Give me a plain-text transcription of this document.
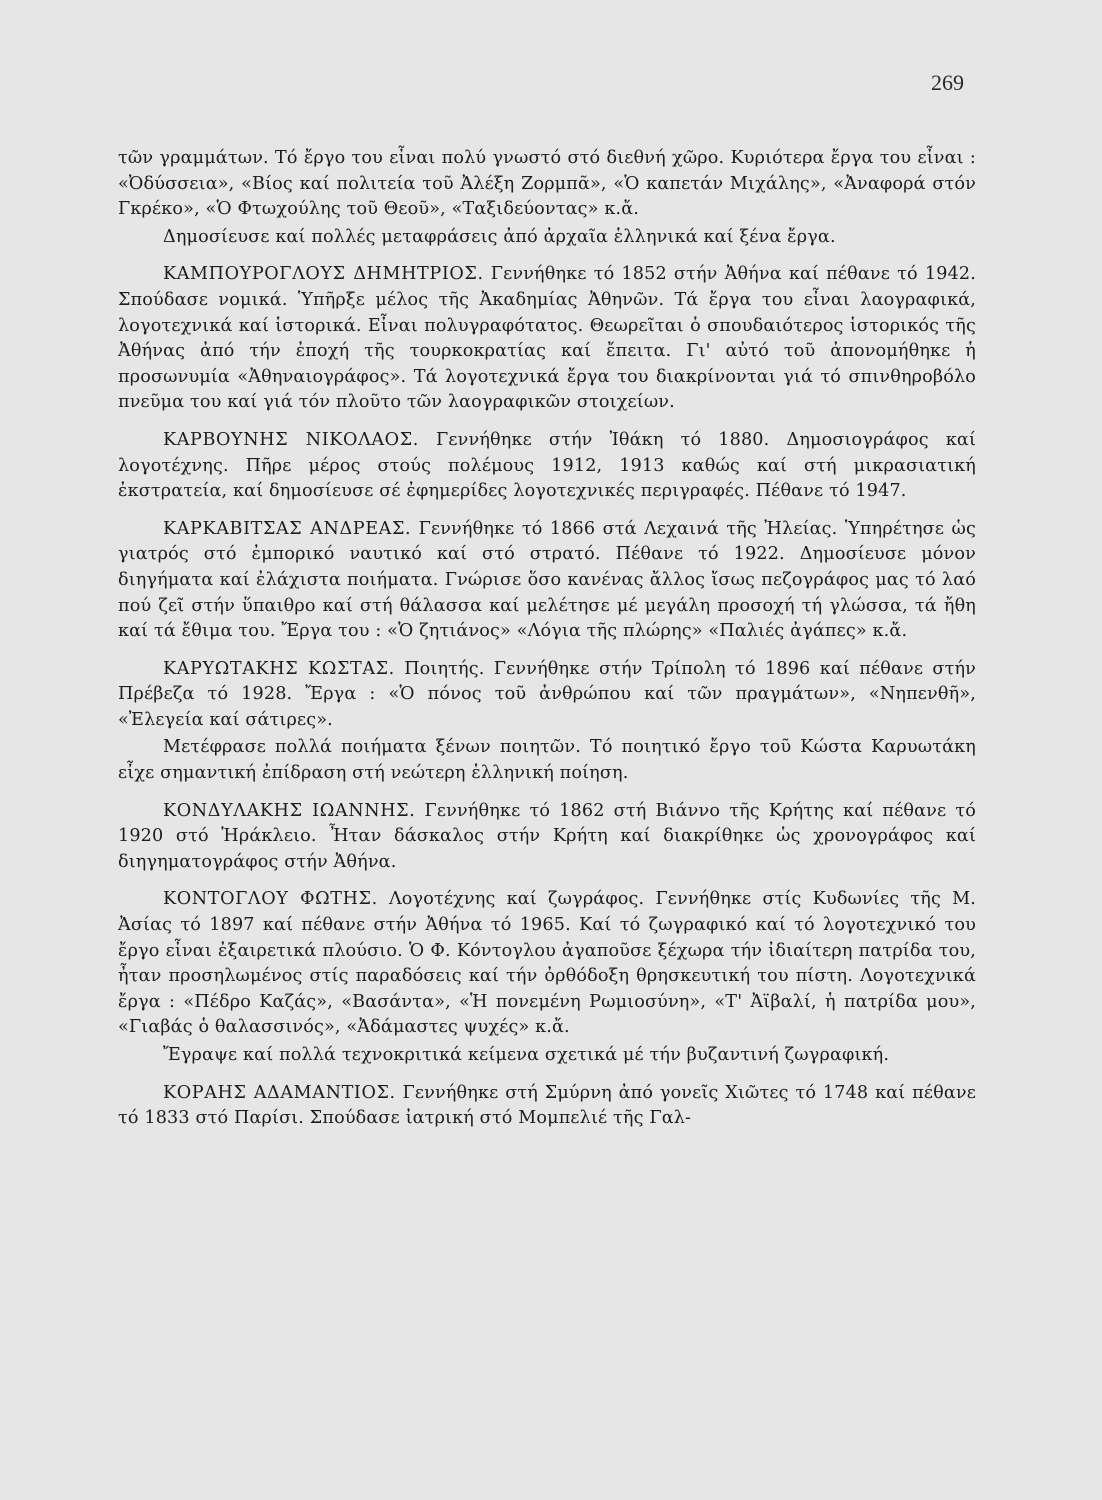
269

τῶν γραμμάτων. Τό ἔργο του εἶναι πολύ γνωστό στό διεθνή χῶρο. Κυριότερα ἔργα του εἶναι : «Ὀδύσσεια», «Βίος καί πολιτεία τοῦ Ἀλέξη Ζορμπᾶ», «Ὁ καπετάν Μιχάλης», «Ἀναφορά στόν Γκρέκο», «Ὁ Φτωχούλης τοῦ Θεοῦ», «Ταξιδεύοντας» κ.ἄ.

Δημοσίευσε καί πολλές μεταφράσεις ἀπό ἀρχαῖα ἑλληνικά καί ξένα ἔργα.

ΚΑΜΠΟΥΡΟΓΛΟΥΣ ΔΗΜΗΤΡΙΟΣ. Γεννήθηκε τό 1852 στήν Ἀθήνα καί πέθανε τό 1942. Σπούδασε νομικά. Ὑπῆρξε μέλος τῆς Ἀκαδημίας Ἀθηνῶν. Τά ἔργα του εἶναι λαογραφικά, λογοτεχνικά καί ἱστορικά. Εἶναι πολυγραφότατος. Θεωρεῖται ὁ σπουδαιότερος ἱστορικός τῆς Ἀθήνας ἀπό τήν ἐποχή τῆς τουρκοκρατίας καί ἔπειτα. Γι' αὐτό τοῦ ἀπονομήθηκε ἡ προσωνυμία «Ἀθηναιογράφος». Τά λογοτεχνικά ἔργα του διακρίνονται γιά τό σπινθηροβόλο πνεῦμα του καί γιά τόν πλοῦτο τῶν λαογραφικῶν στοιχείων.

ΚΑΡΒΟΥΝΗΣ ΝΙΚΟΛΑΟΣ. Γεννήθηκε στήν Ἰθάκη τό 1880. Δημοσιογράφος καί λογοτέχνης. Πῆρε μέρος στούς πολέμους 1912, 1913 καθώς καί στή μικρασιατική ἐκστρατεία, καί δημοσίευσε σέ ἐφημερίδες λογοτεχνικές περιγραφές. Πέθανε τό 1947.

ΚΑΡΚΑΒΙΤΣΑΣ ΑΝΔΡΕΑΣ. Γεννήθηκε τό 1866 στά Λεχαινά τῆς Ἠλείας. Ὑπηρέτησε ὡς γιατρός στό ἐμπορικό ναυτικό καί στό στρατό. Πέθανε τό 1922. Δημοσίευσε μόνον διηγήματα καί ἐλάχιστα ποιήματα. Γνώρισε ὅσο κανένας ἄλλος ἴσως πεζογράφος μας τό λαό πού ζεῖ στήν ὕπαιθρο καί στή θάλασσα καί μελέτησε μέ μεγάλη προσοχή τή γλώσσα, τά ἤθη καί τά ἔθιμα του. Ἔργα του : «Ὁ ζητιάνος» «Λόγια τῆς πλώρης» «Παλιές ἀγάπες» κ.ἄ.

ΚΑΡΥΩΤΑΚΗΣ ΚΩΣΤΑΣ. Ποιητής. Γεννήθηκε στήν Τρίπολη τό 1896 καί πέθανε στήν Πρέβεζα τό 1928. Ἔργα : «Ὁ πόνος τοῦ ἀνθρώπου καί τῶν πραγμάτων», «Νηπενθῆ», «Ἐλεγεία καί σάτιρες».

Μετέφρασε πολλά ποιήματα ξένων ποιητῶν. Τό ποιητικό ἔργο τοῦ Κώστα Καρυωτάκη εἶχε σημαντική ἐπίδραση στή νεώτερη ἑλληνική ποίηση.

ΚΟΝΔΥΛΑΚΗΣ ΙΩΑΝΝΗΣ. Γεννήθηκε τό 1862 στή Βιάννο τῆς Κρήτης καί πέθανε τό 1920 στό Ἡράκλειο. Ἦταν δάσκαλος στήν Κρήτη καί διακρίθηκε ὡς χρονογράφος καί διηγηματογράφος στήν Ἀθήνα.

ΚΟΝΤΟΓΛΟΥ ΦΩΤΗΣ. Λογοτέχνης καί ζωγράφος. Γεννήθηκε στίς Κυδωνίες τῆς Μ. Ἀσίας τό 1897 καί πέθανε στήν Ἀθήνα τό 1965. Καί τό ζωγραφικό καί τό λογοτεχνικό του ἔργο εἶναι ἐξαιρετικά πλούσιο. Ὁ Φ. Κόντογλου ἀγαποῦσε ξέχωρα τήν ἰδιαίτερη πατρίδα του, ἦταν προσηλωμένος στίς παραδόσεις καί τήν ὀρθόδοξη θρησκευτική του πίστη. Λογοτεχνικά ἔργα : «Πέδρο Καζάς», «Βασάντα», «Ἡ πονεμένη Ρωμιοσύνη», «Τ' Ἀϊβαλί, ἡ πατρίδα μου», «Γιαβάς ὁ θαλασσινός», «Ἀδάμαστες ψυχές» κ.ἄ.

Ἔγραψε καί πολλά τεχνοκριτικά κείμενα σχετικά μέ τήν βυζαντινή ζωγραφική.

ΚΟΡΑΗΣ ΑΔΑΜΑΝΤΙΟΣ. Γεννήθηκε στή Σμύρνη ἀπό γονεῖς Χιῶτες τό 1748 καί πέθανε τό 1833 στό Παρίσι. Σπούδασε ἰατρική στό Μομπελιέ τῆς Γαλ-
